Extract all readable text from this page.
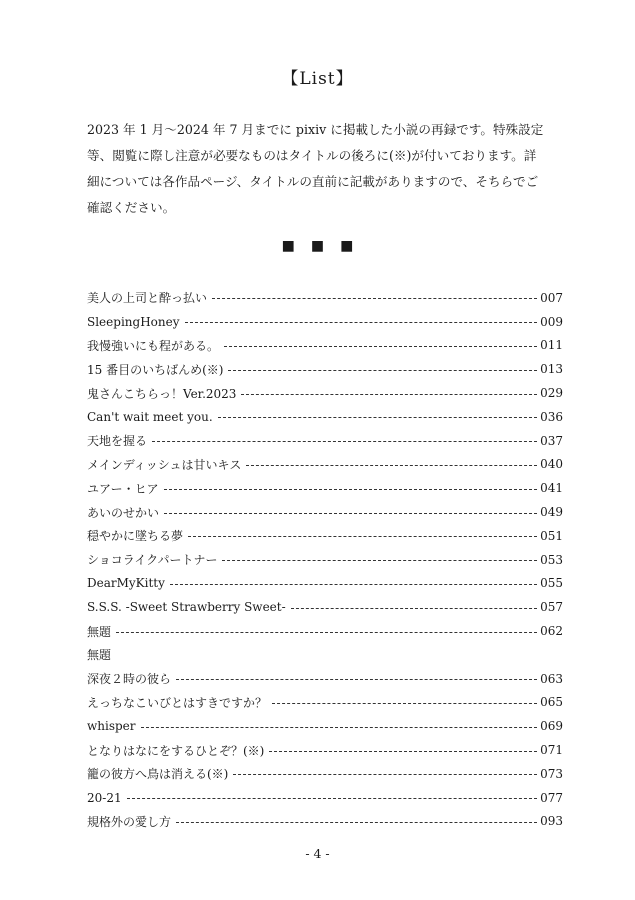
【List】

2023 年 1 月～2024 年 7 月までに pixiv に掲載した小説の再録です。特殊設定
等、閲覧に際し注意が必要なものはタイトルの後ろに(※)が付いております。詳
細については各作品ページ、タイトルの直前に記載がありますので、そちらでご
確認ください。

■■■
美人の上司と酔っ払い	007
SleepingHoney	009
我慢強いにも程がある。	011
15 番目のいちばんめ(※)	013
鬼さんこちらっ！Ver.2023	029
Can't wait meet you.	036
天地を握る	037
メインディッシュは甘いキス	040
ユアー・ヒア	041
あいのせかい	049
穏やかに墜ちる夢	051
ショコライクパートナー	053
DearMyKitty	055
S.S.S. -Sweet Strawberry Sweet-	057
無題	062
無題
深夜２時の彼ら	063
えっちなこいびとはすきですか？	065
whisper	069
となりはなにをするひとぞ？(※)	071
籠の彼方へ鳥は消える(※)	073
20-21	077
規格外の愛し方	093
- 4 -
